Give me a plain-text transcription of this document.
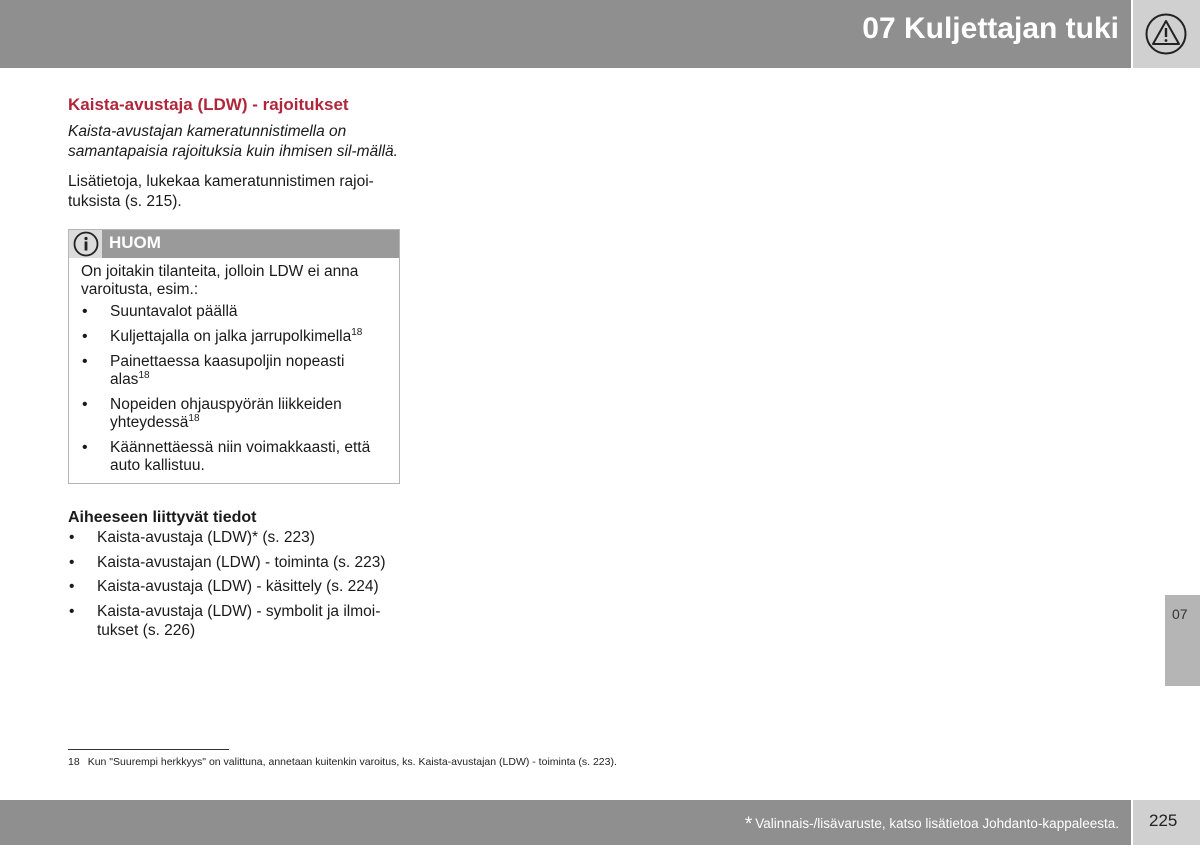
07 Kuljettajan tuki
Kaista-avustaja (LDW) - rajoitukset

Kaista-avustajan kameratunnistimella on samantapaisia rajoituksia kuin ihmisen sil-mällä.

Lisätietoja, lukekaa kameratunnistimen rajoi-tuksista (s. 215).

HUOM

On joitakin tilanteita, jolloin LDW ei anna varoitusta, esim.:

• Suuntavalot päällä
• Kuljettajalla on jalka jarrupolkimella$^{18}$
• Painettaessa kaasupoljin nopeasti alas$^{18}$
• Nopeiden ohjauspyörän liikkeiden yhteydessä$^{18}$
• Käännettäessä niin voimakkaasti, että auto kallistuu.
Aiheeseen liittyvät tiedot
• Kaista-avustaja (LDW)* (s. 223)
• Kaista-avustajan (LDW) - toiminta (s. 223)
• Kaista-avustaja (LDW) - käsittely (s. 224)
• Kaista-avustaja (LDW) - symbolit ja ilmoi-tukset (s. 226)
07
18 Kun "Suurempi herkkyys" on valittuna, annetaan kuitenkin varoitus, ks. Kaista-avustajan (LDW) - toiminta (s. 223).
* Valinnais-/lisävaruste, katso lisätietoa Johdanto-kappaleesta. 225
